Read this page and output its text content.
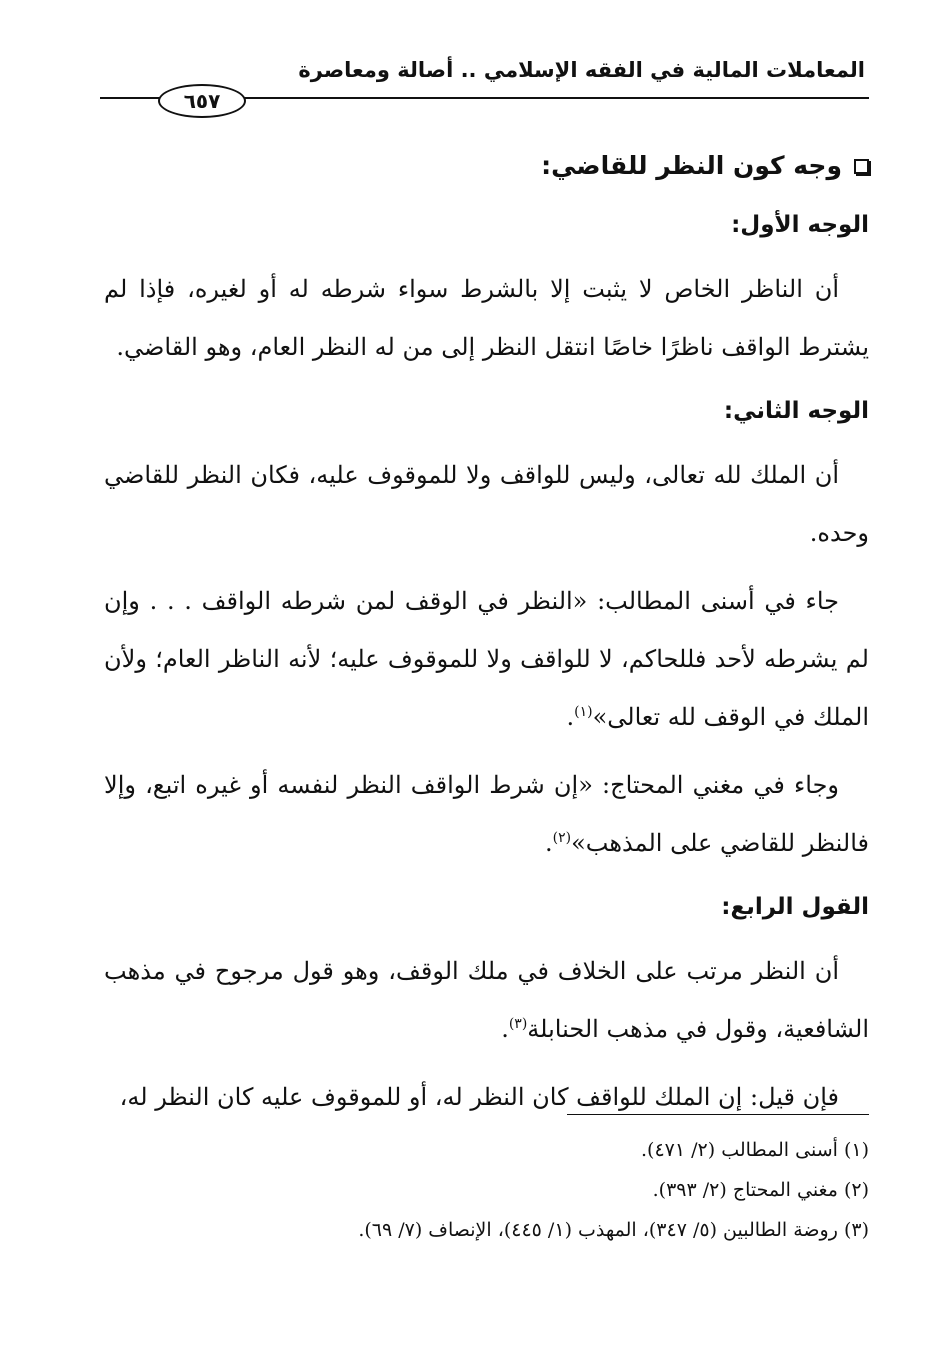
المعاملات المالية في الفقه الإسلامي .. أصالة ومعاصرة
٦٥٧
وجه كون النظر للقاضي:
الوجه الأول:

أن الناظر الخاص لا يثبت إلا بالشرط سواء شرطه له أو لغيره، فإذا لم يشترط الواقف ناظرًا خاصًا انتقل النظر إلى من له النظر العام، وهو القاضي.

الوجه الثاني:

أن الملك لله تعالى، وليس للواقف ولا للموقوف عليه، فكان النظر للقاضي وحده.

جاء في أسنى المطالب: «النظر في الوقف لمن شرطه الواقف . . . وإن لم يشرطه لأحد فللحاكم، لا للواقف ولا للموقوف عليه؛ لأنه الناظر العام؛ ولأن الملك في الوقف لله تعالى»$^{(١)}$.

وجاء في مغني المحتاج: «إن شرط الواقف النظر لنفسه أو غيره اتبع، وإلا فالنظر للقاضي على المذهب»$^{(٢)}$.

القول الرابع:

أن النظر مرتب على الخلاف في ملك الوقف، وهو قول مرجوح في مذهب الشافعية، وقول في مذهب الحنابلة$^{(٣)}$.

فإن قيل: إن الملك للواقف كان النظر له، أو للموقوف عليه كان النظر له،

(١) أسنى المطالب (٢/ ٤٧١).
(٢) مغني المحتاج (٢/ ٣٩٣).
(٣) روضة الطالبين (٥/ ٣٤٧)، المهذب (١/ ٤٤٥)، الإنصاف (٧/ ٦٩).
